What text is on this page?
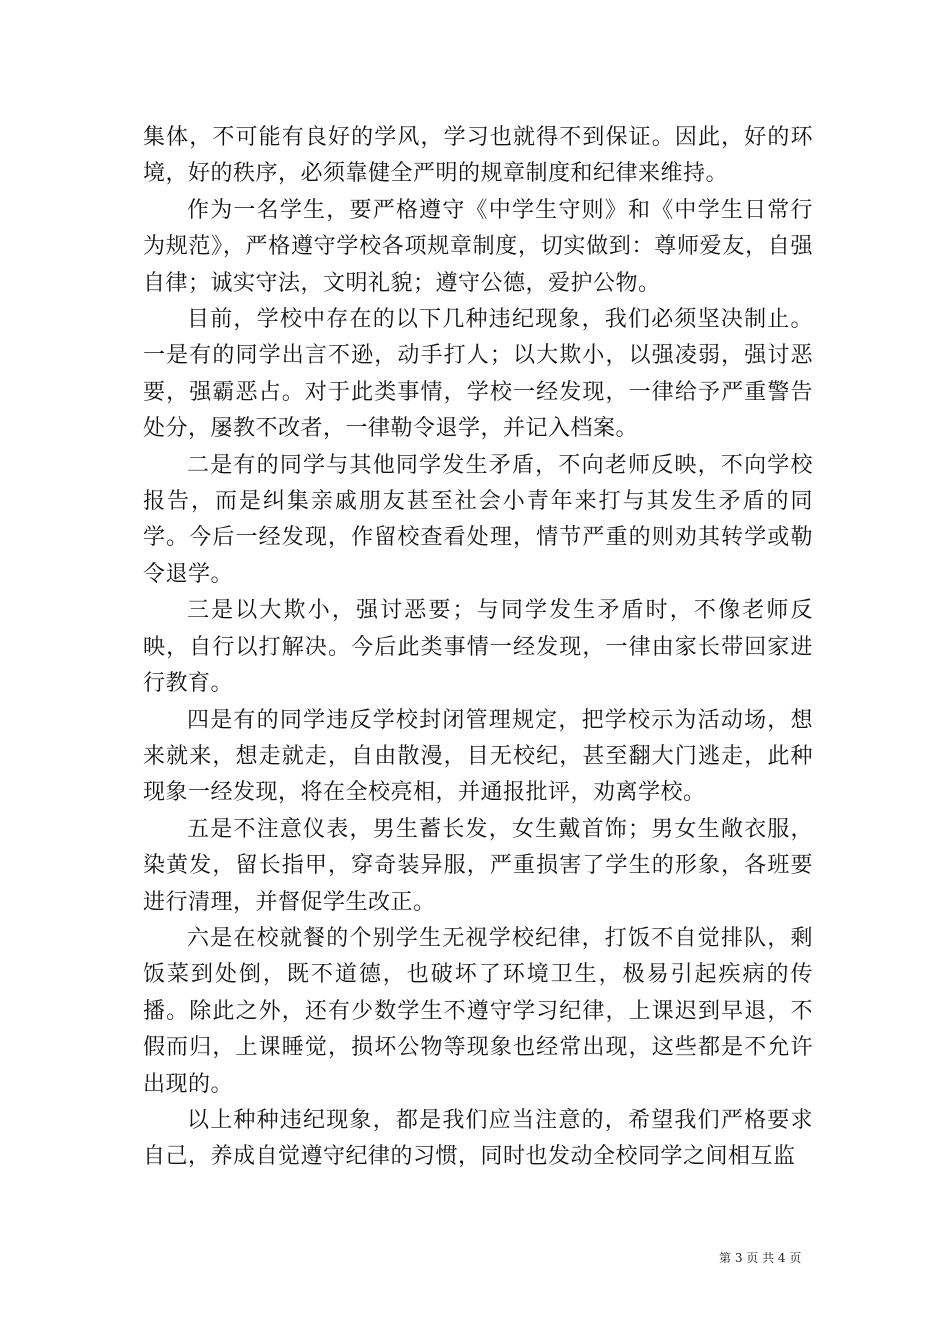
集体，不可能有良好的学风，学习也就得不到保证。因此，好的环境，好的秩序，必须靠健全严明的规章制度和纪律来维持。

作为一名学生，要严格遵守《中学生守则》和《中学生日常行为规范》，严格遵守学校各项规章制度，切实做到：尊师爱友，自强自律；诚实守法，文明礼貌；遵守公德，爱护公物。

目前，学校中存在的以下几种违纪现象，我们必须坚决制止。一是有的同学出言不逊，动手打人；以大欺小，以强凌弱，强讨恶要，强霸恶占。对于此类事情，学校一经发现，一律给予严重警告处分，屡教不改者，一律勒令退学，并记入档案。

二是有的同学与其他同学发生矛盾，不向老师反映，不向学校报告，而是纠集亲戚朋友甚至社会小青年来打与其发生矛盾的同学。今后一经发现，作留校查看处理，情节严重的则劝其转学或勒令退学。

三是以大欺小，强讨恶要；与同学发生矛盾时，不像老师反映，自行以打解决。今后此类事情一经发现，一律由家长带回家进行教育。

四是有的同学违反学校封闭管理规定，把学校示为活动场，想来就来，想走就走，自由散漫，目无校纪，甚至翻大门逃走，此种现象一经发现，将在全校亮相，并通报批评，劝离学校。

五是不注意仪表，男生蓄长发，女生戴首饰；男女生敞衣服，染黄发，留长指甲，穿奇装异服，严重损害了学生的形象，各班要进行清理，并督促学生改正。

六是在校就餐的个别学生无视学校纪律，打饭不自觉排队，剩饭菜到处倒，既不道德，也破坏了环境卫生，极易引起疾病的传播。除此之外，还有少数学生不遵守学习纪律，上课迟到早退，不假而归，上课睡觉，损坏公物等现象也经常出现，这些都是不允许出现的。

以上种种违纪现象，都是我们应当注意的，希望我们严格要求自己，养成自觉遵守纪律的习惯，同时也发动全校同学之间相互监

第 3 页 共 4 页
